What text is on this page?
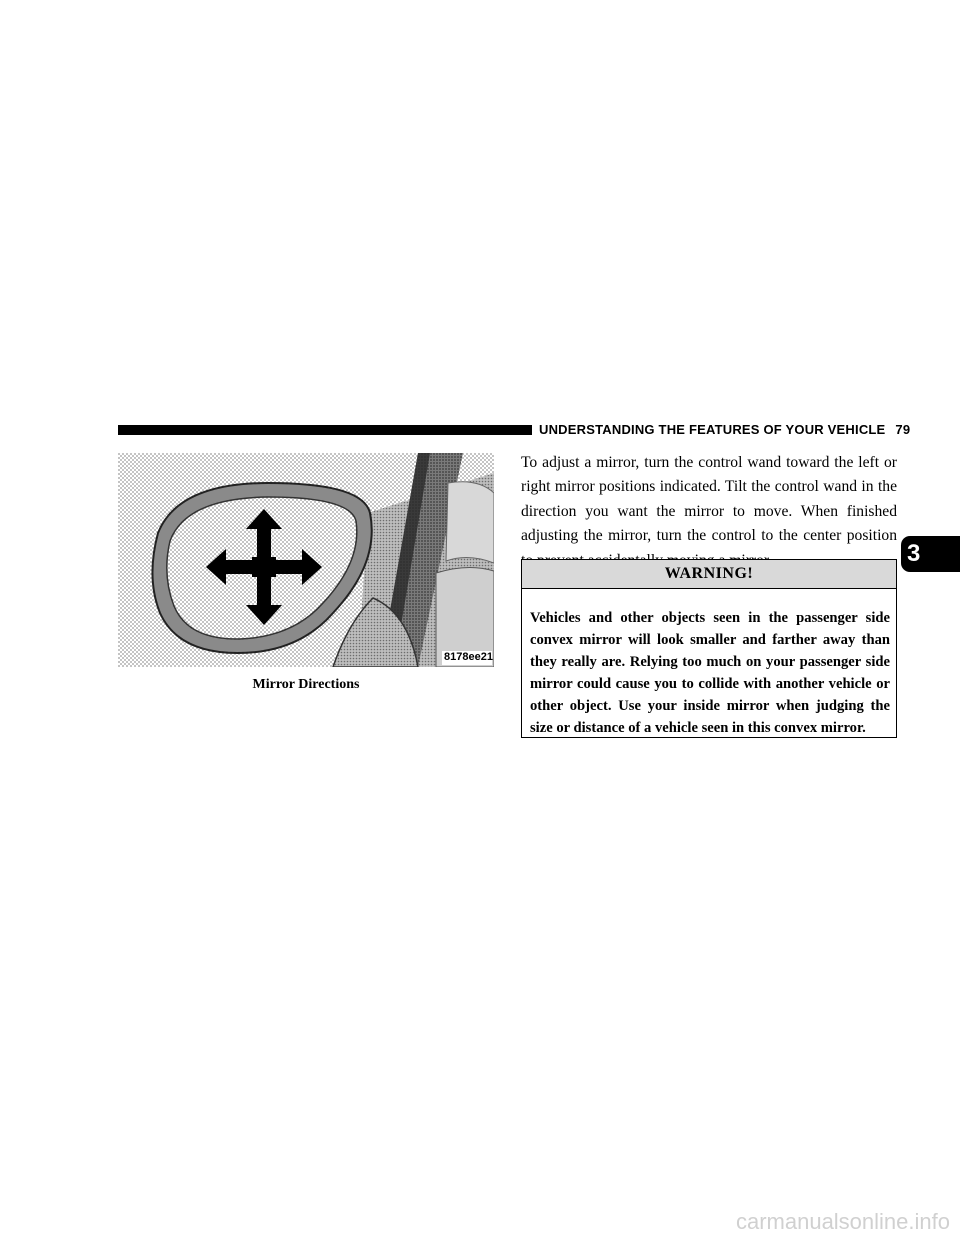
UNDERSTANDING THE FEATURES OF YOUR VEHICLE 79
8178ee21
Mirror Directions
To adjust a mirror, turn the control wand toward the left or right mirror positions indicated. Tilt the control wand in the direction you want the mirror to move. When finished adjusting the mirror, turn the control to the center position
WARNING!
Vehicles and other objects seen in the passenger side convex mirror will look smaller and farther away than they really are. Relying too much on your passenger side mirror could cause you to collide with another vehicle or other object. Use your inside mirror when judging the size or distance of a vehicle seen in this convex mirror.
3
carmanualsonline.info
